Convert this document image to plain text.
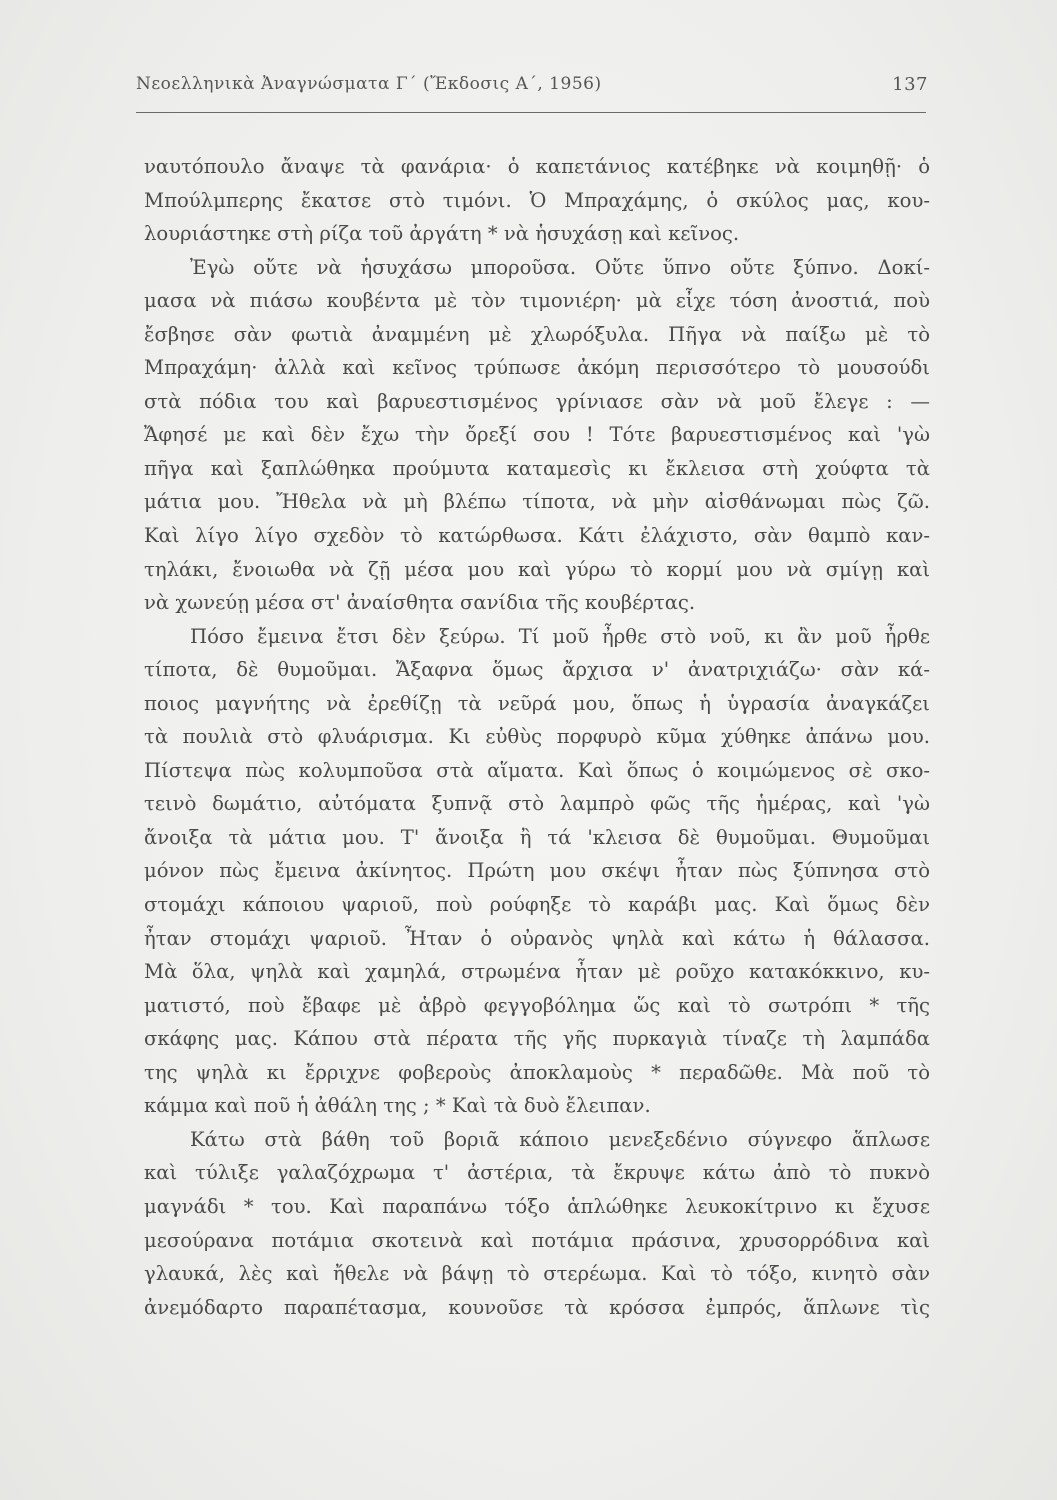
Νεοελληνικὰ Ἀναγνώσματα Γ΄ (Ἔκδοσις Α΄, 1956)	137
ναυτόπουλο ἄναψε τὰ φανάρια· ὁ καπετάνιος κατέβηκε νὰ κοιμηθῇ· ὁ
Μπούλμπερης ἔκατσε στὸ τιμόνι. Ὁ Μπραχάμης, ὁ σκύλος μας, κου-
λουριάστηκε στὴ ρίζα τοῦ ἀργάτη * νὰ ἡσυχάσῃ καὶ κεῖνος.
Ἐγὼ οὔτε νὰ ἡσυχάσω μποροῦσα. Οὔτε ὕπνο οὔτε ξύπνο. Δοκί-
μασα νὰ πιάσω κουβέντα μὲ τὸν τιμονιέρη· μὰ εἶχε τόση ἀνοστιά, ποὺ
ἔσβησε σὰν φωτιὰ ἀναμμένη μὲ χλωρόξυλα. Πῆγα νὰ παίξω μὲ τὸ
Μπραχάμη· ἀλλὰ καὶ κεῖνος τρύπωσε ἀκόμη περισσότερο τὸ μουσούδι
στὰ πόδια του καὶ βαρυεστισμένος γρίνιασε σὰν νὰ μοῦ ἔλεγε : —
Ἄφησέ με καὶ δὲν ἔχω τὴν ὄρεξί σου ! Τότε βαρυεστισμένος καὶ 'γὼ
πῆγα καὶ ξαπλώθηκα προύμυτα καταμεσὶς κι ἔκλεισα στὴ χούφτα τὰ
μάτια μου. Ἤθελα νὰ μὴ βλέπω τίποτα, νὰ μὴν αἰσθάνωμαι πὼς ζῶ.
Καὶ λίγο λίγο σχεδὸν τὸ κατώρθωσα. Κάτι ἐλάχιστο, σὰν θαμπὸ καν-
τηλάκι, ἔνοιωθα νὰ ζῇ μέσα μου καὶ γύρω τὸ κορμί μου νὰ σμίγῃ καὶ
νὰ χωνεύῃ μέσα στ' ἀναίσθητα σανίδια τῆς κουβέρτας.
Πόσο ἔμεινα ἔτσι δὲν ξεύρω. Τί μοῦ ἦρθε στὸ νοῦ, κι ἂν μοῦ ἦρθε
τίποτα, δὲ θυμοῦμαι. Ἄξαφνα ὅμως ἄρχισα ν' ἀνατριχιάζω· σὰν κά-
ποιος μαγνήτης νὰ ἐρεθίζῃ τὰ νεῦρά μου, ὅπως ἡ ὑγρασία ἀναγκάζει
τὰ πουλιὰ στὸ φλυάρισμα. Κι εὐθὺς πορφυρὸ κῦμα χύθηκε ἀπάνω μου.
Πίστεψα πὼς κολυμποῦσα στὰ αἵματα. Καὶ ὅπως ὁ κοιμώμενος σὲ σκο-
τεινὸ δωμάτιο, αὐτόματα ξυπνᾷ στὸ λαμπρὸ φῶς τῆς ἡμέρας, καὶ 'γὼ
ἄνοιξα τὰ μάτια μου. Τ' ἄνοιξα ἢ τά 'κλεισα δὲ θυμοῦμαι. Θυμοῦμαι
μόνον πὼς ἔμεινα ἀκίνητος. Πρώτη μου σκέψι ἦταν πὼς ξύπνησα στὸ
στομάχι κάποιου ψαριοῦ, ποὺ ρούφηξε τὸ καράβι μας. Καὶ ὅμως δὲν
ἦταν στομάχι ψαριοῦ. Ἦταν ὁ οὐρανὸς ψηλὰ καὶ κάτω ἡ θάλασσα.
Μὰ ὅλα, ψηλὰ καὶ χαμηλά, στρωμένα ἦταν μὲ ροῦχο κατακόκκινο, κυ-
ματιστό, ποὺ ἔβαφε μὲ ἁβρὸ φεγγοβόλημα ὥς καὶ τὸ σωτρόπι * τῆς
σκάφης μας. Κάπου στὰ πέρατα τῆς γῆς πυρκαγιὰ τίναζε τὴ λαμπάδα
της ψηλὰ κι ἔρριχνε φοβεροὺς ἀποκλαμοὺς * περαδῶθε. Μὰ ποῦ τὸ
κάμμα καὶ ποῦ ἡ ἀθάλη της ; * Καὶ τὰ δυὸ ἔλειπαν.
Κάτω στὰ βάθη τοῦ βοριᾶ κάποιο μενεξεδένιο σύγνεφο ἅπλωσε
καὶ τύλιξε γαλαζόχρωμα τ' ἀστέρια, τὰ ἔκρυψε κάτω ἀπὸ τὸ πυκνὸ
μαγνάδι * του. Καὶ παραπάνω τόξο ἁπλώθηκε λευκοκίτρινο κι ἔχυσε
μεσούρανα ποτάμια σκοτεινὰ καὶ ποτάμια πράσινα, χρυσορρόδινα καὶ
γλαυκά, λὲς καὶ ἤθελε νὰ βάψῃ τὸ στερέωμα. Καὶ τὸ τόξο, κινητὸ σὰν
ἀνεμόδαρτο παραπέτασμα, κουνοῦσε τὰ κρόσσα ἐμπρός, ἅπλωνε τὶς
